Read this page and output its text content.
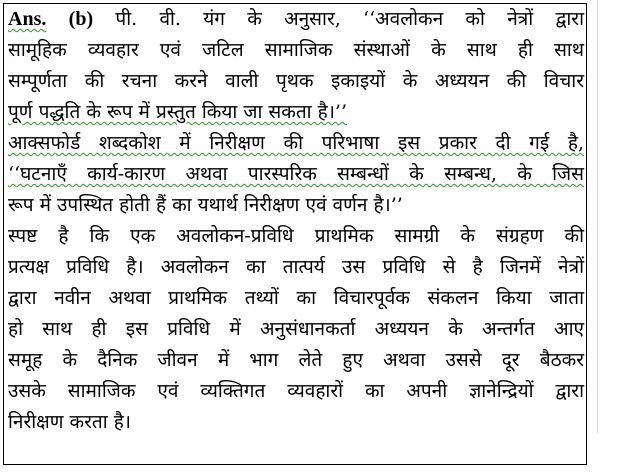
Ans. (b) पी. वी. यंग के अनुसार, ‘‘अवलोकन को नेत्रों द्वारा

सामूहिक व्यवहार एवं जटिल सामाजिक संस्थाओं के साथ ही साथ

सम्पूर्णता की रचना करने वाली पृथक इकाइयों के अध्ययन की विचार

पूर्ण पद्धति के रूप में प्रस्तुत किया जा सकता है।’’

आक्सफोर्ड शब्दकोश में निरीक्षण की परिभाषा इस प्रकार दी गई है,

‘‘घटनाएँ कार्य-कारण अथवा पारस्परिक सम्बन्धों के सम्बन्ध, के जिस

रूप में उपस्थित होती हैं का यथार्थ निरीक्षण एवं वर्णन है।’’

स्पष्ट है कि एक अवलोकन-प्रविधि प्राथमिक सामग्री के संग्रहण की

प्रत्यक्ष प्रविधि है। अवलोकन का तात्पर्य उस प्रविधि से है जिनमें नेत्रों

द्वारा नवीन अथवा प्राथमिक तथ्यों का विचारपूर्वक संकलन किया जाता

हो साथ ही इस प्रविधि में अनुसंधानकर्ता अध्ययन के अन्तर्गत आए

समूह के दैनिक जीवन में भाग लेते हुए अथवा उससे दूर बैठकर

उसके सामाजिक एवं व्यक्तिगत व्यवहारों का अपनी ज्ञानेन्द्रियों द्वारा

निरीक्षण करता है।
